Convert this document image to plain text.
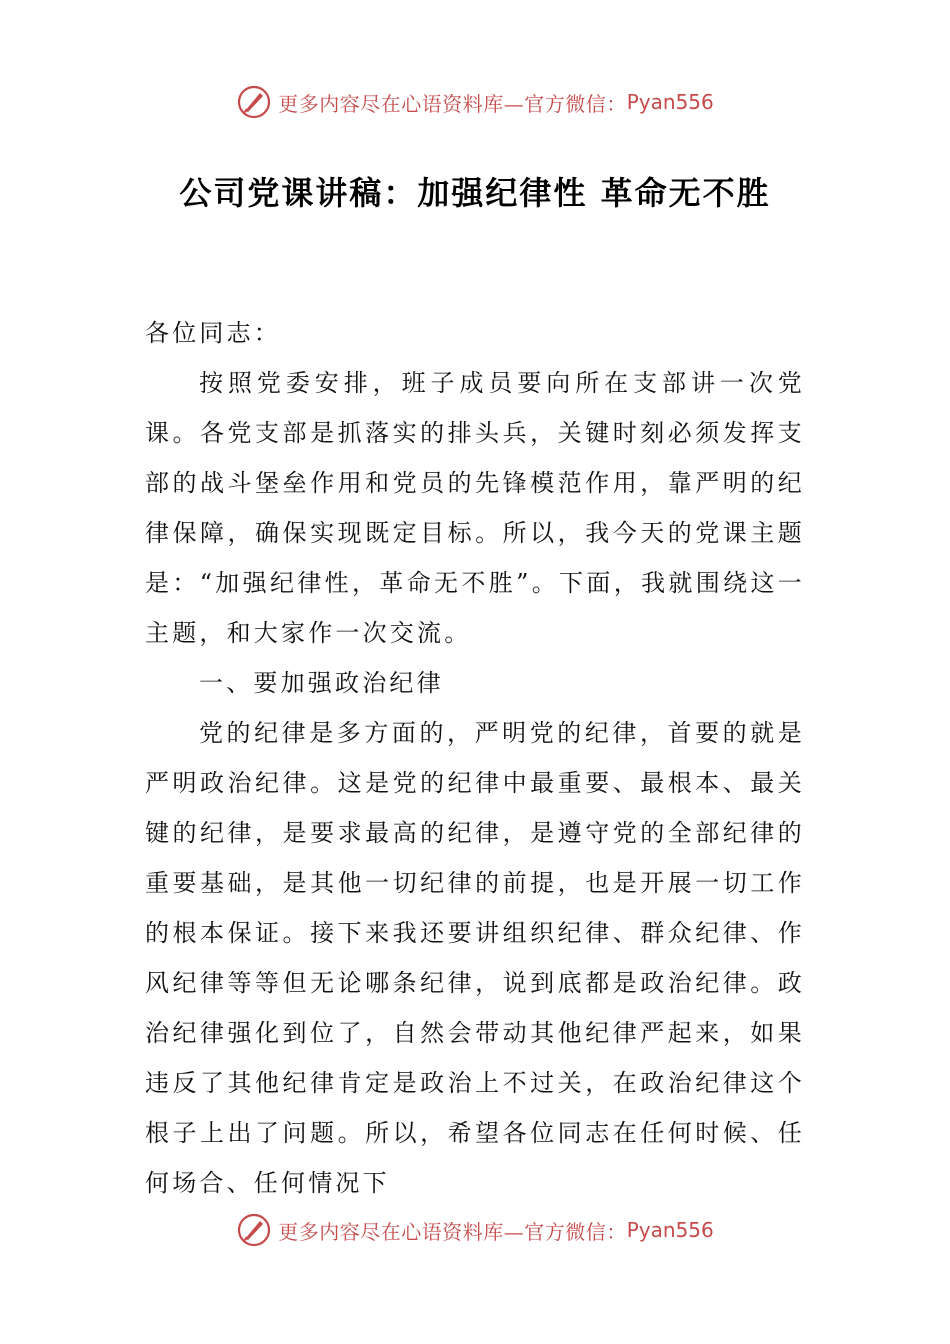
更多内容尽在心语资料库—官方微信： Pyan556
公司党课讲稿：加强纪律性 革命无不胜

各位同志：

按照党委安排，班子成员要向所在支部讲一次党课。各党支部是抓落实的排头兵，关键时刻必须发挥支部的战斗堡垒作用和党员的先锋模范作用，靠严明的纪律保障，确保实现既定目标。所以，我今天的党课主题是：“加强纪律性，革命无不胜”。下面，我就围绕这一主题，和大家作一次交流。

一、要加强政治纪律

党的纪律是多方面的，严明党的纪律，首要的就是严明政治纪律。这是党的纪律中最重要、最根本、最关键的纪律，是要求最高的纪律，是遵守党的全部纪律的重要基础，是其他一切纪律的前提，也是开展一切工作的根本保证。接下来我还要讲组织纪律、群众纪律、作风纪律等等但无论哪条纪律，说到底都是政治纪律。政治纪律强化到位了，自然会带动其他纪律严起来，如果违反了其他纪律肯定是政治上不过关，在政治纪律这个根子上出了问题。所以，希望各位同志在任何时候、任何场合、任何情况下

更多内容尽在心语资料库—官方微信： Pyan556
